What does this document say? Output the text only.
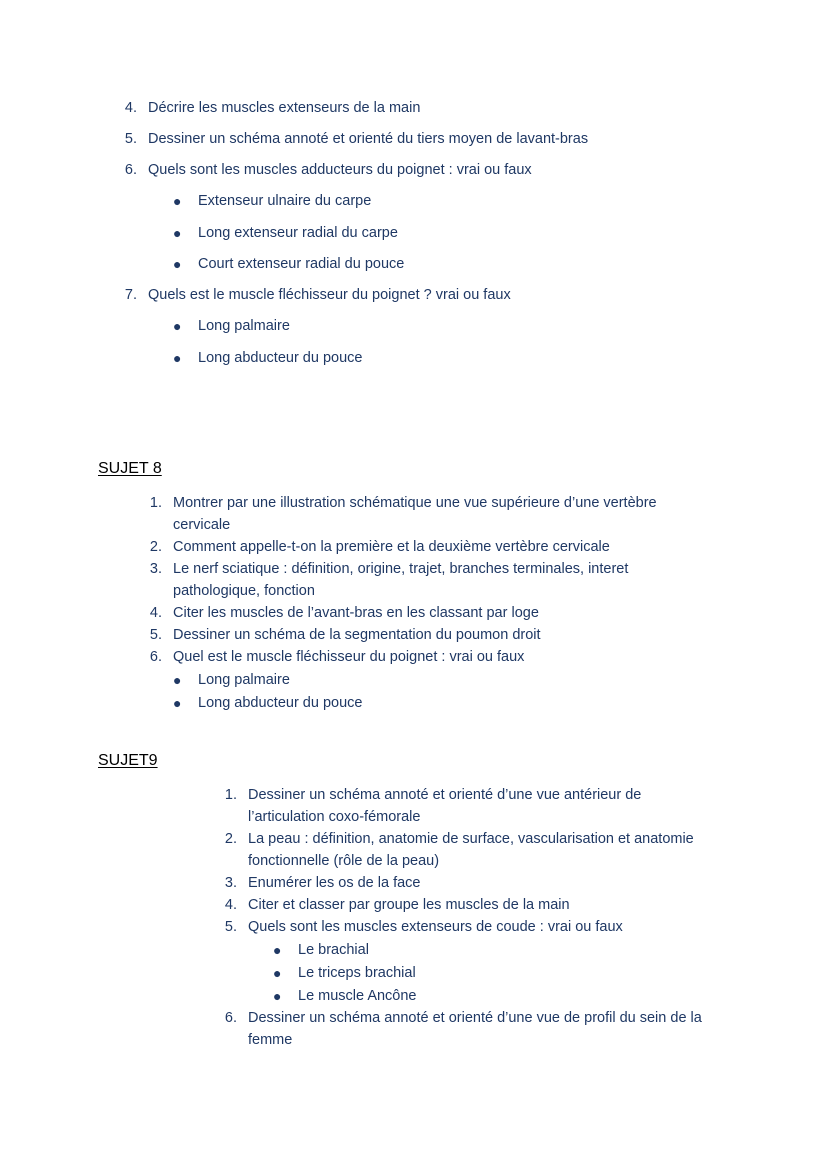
4. Décrire les muscles extenseurs de la main
5. Dessiner un schéma annoté et orienté du tiers moyen de lavant-bras
6. Quels sont les muscles adducteurs du poignet : vrai ou faux
● Extenseur ulnaire du carpe
● Long extenseur radial du carpe
● Court extenseur radial du pouce
7. Quels est le muscle fléchisseur du poignet ? vrai ou faux
● Long palmaire
● Long abducteur du pouce
SUJET 8
1. Montrer par une illustration schématique une vue supérieure d’une vertèbre
cervicale
2. Comment appelle-t-on la première et la deuxième vertèbre cervicale
3. Le nerf sciatique : définition, origine, trajet, branches terminales, interet
pathologique, fonction
4. Citer les muscles de l’avant-bras en les classant par loge
5. Dessiner un schéma de la segmentation du poumon droit
6. Quel est le muscle fléchisseur du poignet : vrai ou faux
● Long palmaire
● Long abducteur du pouce
SUJET9
1. Dessiner un schéma annoté et orienté d’une vue antérieur de
l’articulation coxo-fémorale
2. La peau : définition, anatomie de surface, vascularisation et anatomie
fonctionnelle (rôle de la peau)
3. Enumérer les os de la face
4. Citer et classer par groupe les muscles de la main
5. Quels sont les muscles extenseurs de coude : vrai ou faux
● Le brachial
● Le triceps brachial
● Le muscle Ancône
6. Dessiner un schéma annoté et orienté d’une vue de profil du sein de la
femme
